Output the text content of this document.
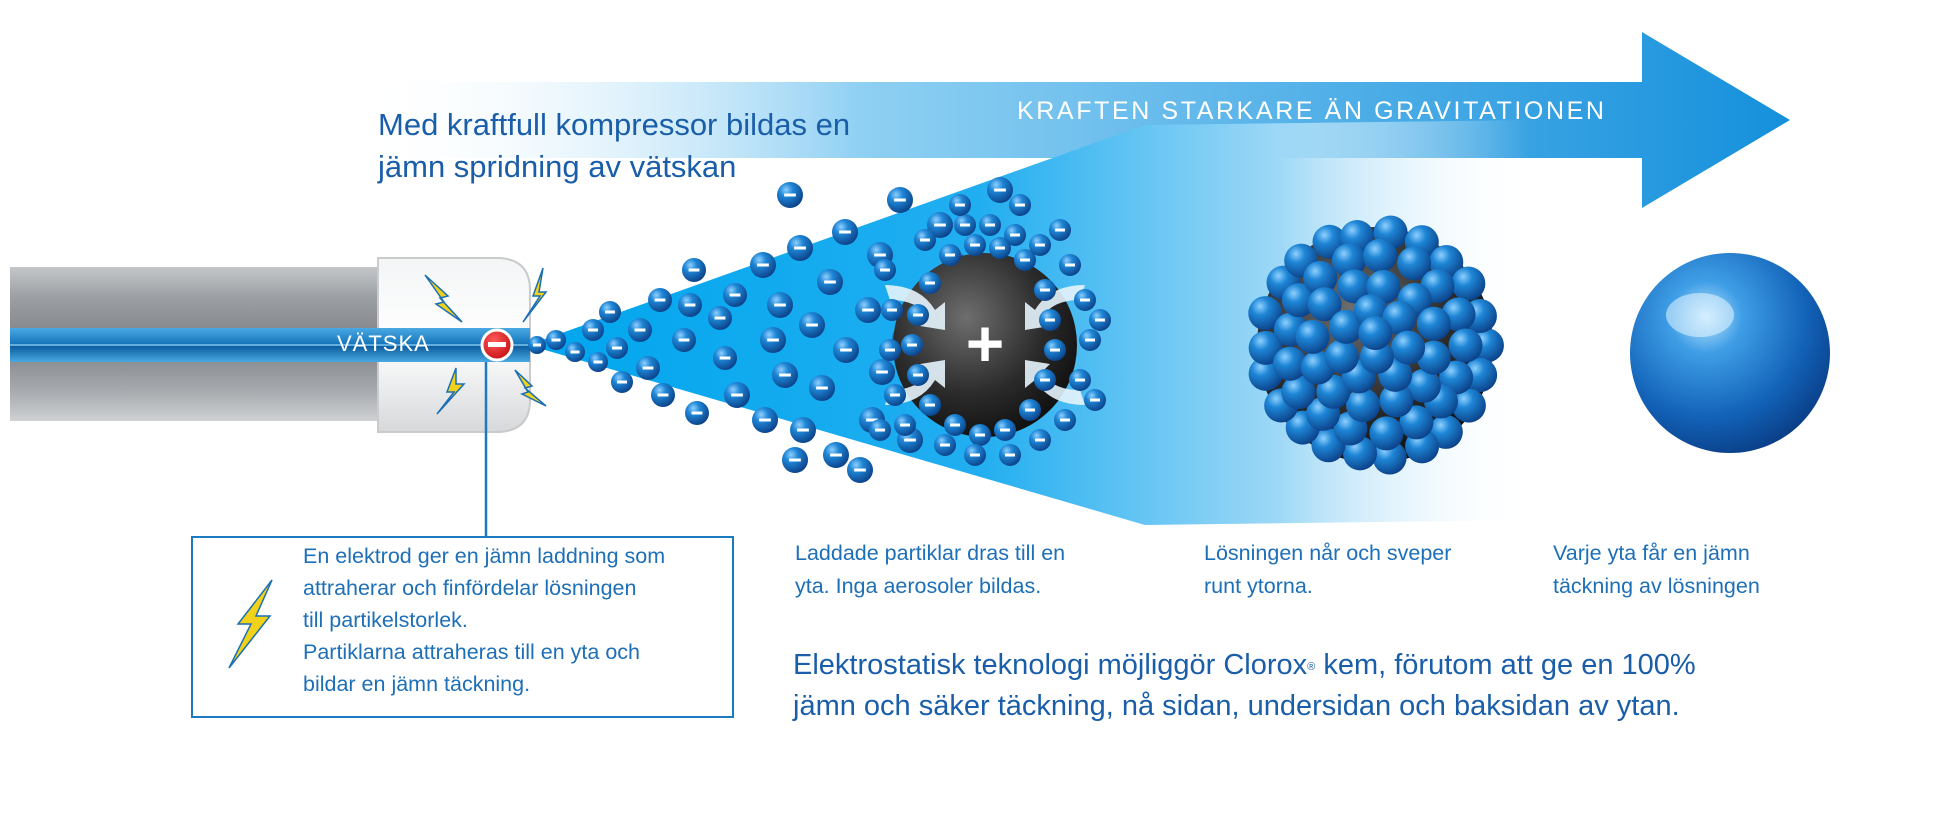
+
Med kraftfull kompressor bildas en
jämn spridning av vätskan
KRAFTEN STARKARE ÄN GRAVITATIONEN
VÄTSKA
En elektrod ger en jämn laddning som
attraherar och finfördelar lösningen
till partikelstorlek.
Partiklarna attraheras till en yta och
bildar en jämn täckning.
Laddade partiklar dras till en
yta. Inga aerosoler bildas.
Lösningen når och sveper
runt ytorna.
Varje yta får en jämn
täckning av lösningen
Elektrostatisk teknologi möjliggör Clorox® kem, förutom att ge en 100%
jämn och säker täckning, nå sidan, undersidan och baksidan av ytan.
